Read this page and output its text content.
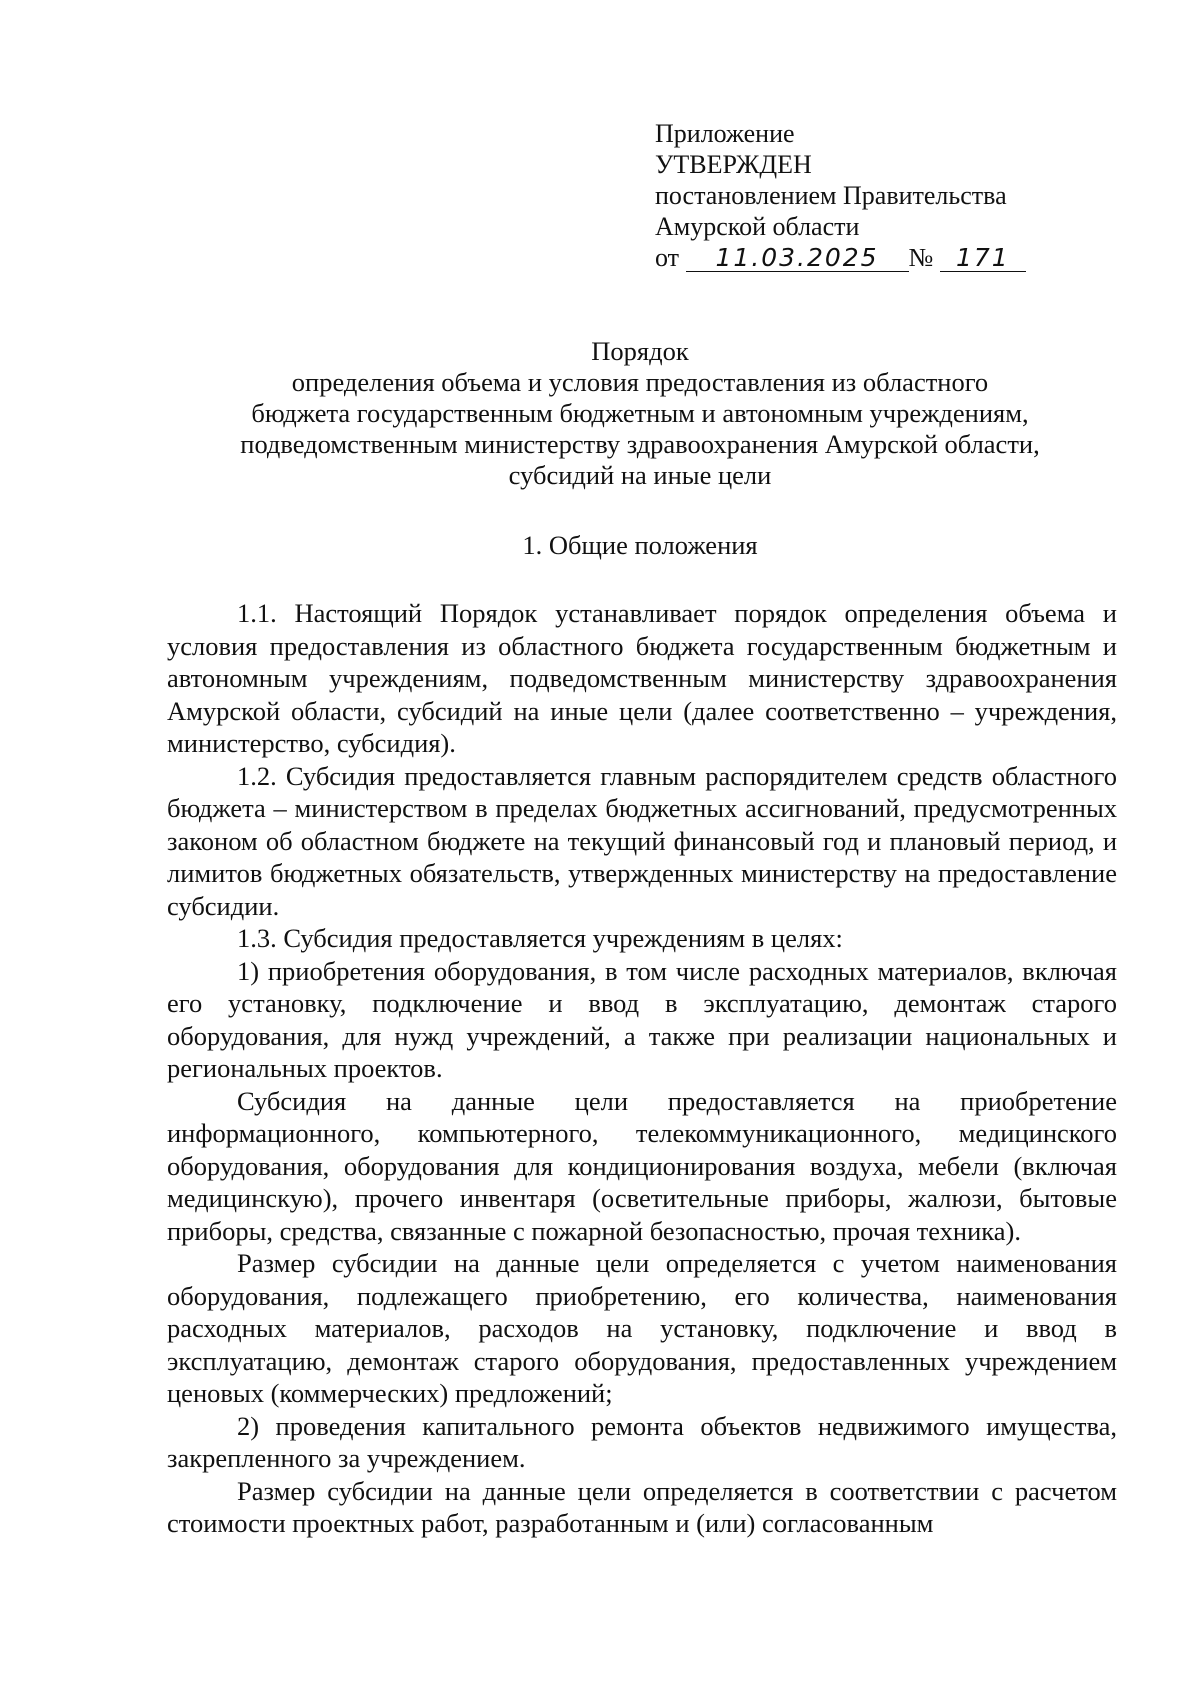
Приложение
УТВЕРЖДЕН
постановлением Правительства
Амурской области
от 11.03.2025 № 171
Порядок
определения объема и условия предоставления из областного
бюджета государственным бюджетным и автономным учреждениям,
подведомственным министерству здравоохранения Амурской области,
субсидий на иные цели
1. Общие положения

1.1. Настоящий Порядок устанавливает порядок определения объема и условия предоставления из областного бюджета государственным бюджетным и автономным учреждениям, подведомственным министерству здравоохранения Амурской области, субсидий на иные цели (далее соответственно – учреждения, министерство, субсидия).

1.2. Субсидия предоставляется главным распорядителем средств областного бюджета – министерством в пределах бюджетных ассигнований, предусмотренных законом об областном бюджете на текущий финансовый год и плановый период, и лимитов бюджетных обязательств, утвержденных министерству на предоставление субсидии.

1.3. Субсидия предоставляется учреждениям в целях:

1) приобретения оборудования, в том числе расходных материалов, включая его установку, подключение и ввод в эксплуатацию, демонтаж старого оборудования, для нужд учреждений, а также при реализации национальных и региональных проектов.

Субсидия на данные цели предоставляется на приобретение информационного, компьютерного, телекоммуникационного, медицинского оборудования, оборудования для кондиционирования воздуха, мебели (включая медицинскую), прочего инвентаря (осветительные приборы, жалюзи, бытовые приборы, средства, связанные с пожарной безопасностью, прочая техника).

Размер субсидии на данные цели определяется с учетом наименования оборудования, подлежащего приобретению, его количества, наименования расходных материалов, расходов на установку, подключение и ввод в эксплуатацию, демонтаж старого оборудования, предоставленных учреждением ценовых (коммерческих) предложений;

2) проведения капитального ремонта объектов недвижимого имущества, закрепленного за учреждением.

Размер субсидии на данные цели определяется в соответствии с расчетом стоимости проектных работ, разработанным и (или) согласованным
